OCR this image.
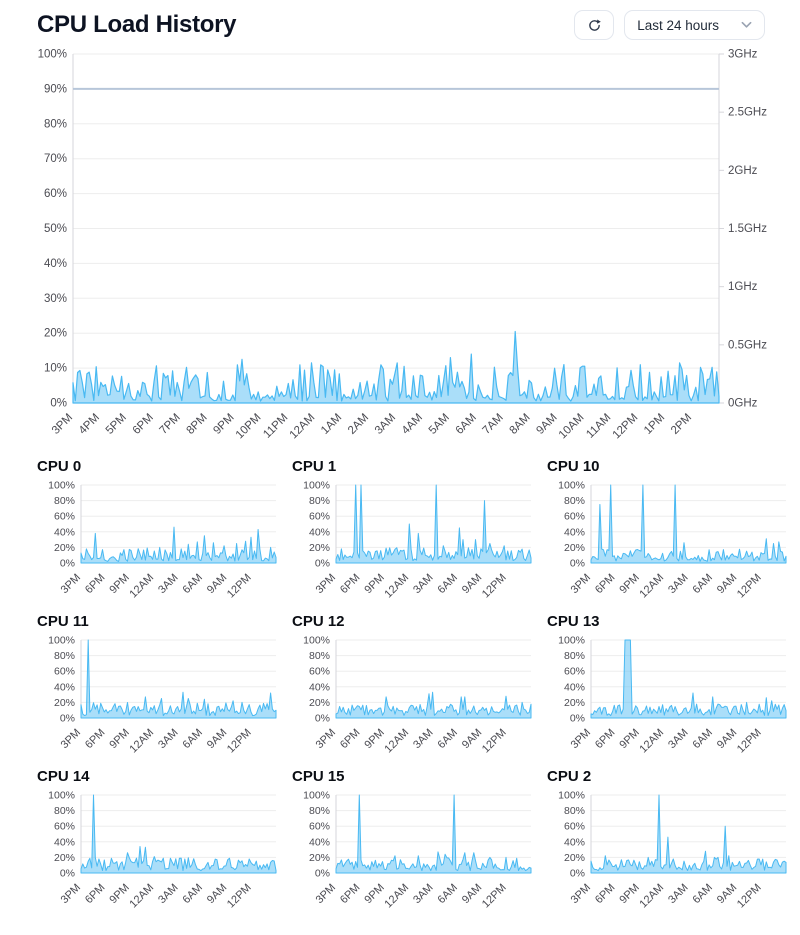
CPU Load History	Last 24 hours
100%
90%
80%
70%
60%
50%
40%
30%
20%
10%
0%
3GHz
2.5GHz
2GHz
1.5GHz
1GHz
0.5GHz
0GHz
3PM 4PM 5PM 6PM 7PM 8PM 9PM
10PM
11PM
12AM 1AM 2AM 3AM 4AM 5AM 6AM 7AM 8AM 9AM
10AM
11AM
12PM 1PM 2PM
CPU 0
100%
80%
60%
40%
20%
0%
3PM 6PM 9PM
12AM 3AM 6AM 9AM
12PM
CPU 1
100%
80%
60%
40%
20%
0%
3PM 6PM 9PM
12AM 3AM 6AM 9AM
12PM
CPU 10
100%
80%
60%
40%
20%
0%
3PM 6PM 9PM
12AM 3AM 6AM 9AM
12PM
CPU 11
100%
80%
60%
40%
20%
0%
3PM 6PM 9PM
12AM 3AM 6AM 9AM
12PM
CPU 12
100%
80%
60%
40%
20%
0%
3PM 6PM 9PM
12AM 3AM 6AM 9AM
12PM
CPU 13
100%
80%
60%
40%
20%
0%
3PM 6PM 9PM
12AM 3AM 6AM 9AM
12PM
CPU 14
100%
80%
60%
40%
20%
0%
3PM 6PM 9PM
12AM 3AM 6AM 9AM
12PM
CPU 15
100%
80%
60%
40%
20%
0%
3PM 6PM 9PM
12AM 3AM 6AM 9AM
12PM
CPU 2
100%
80%
60%
40%
20%
0%
3PM 6PM 9PM
12AM 3AM 6AM 9AM
12PM
